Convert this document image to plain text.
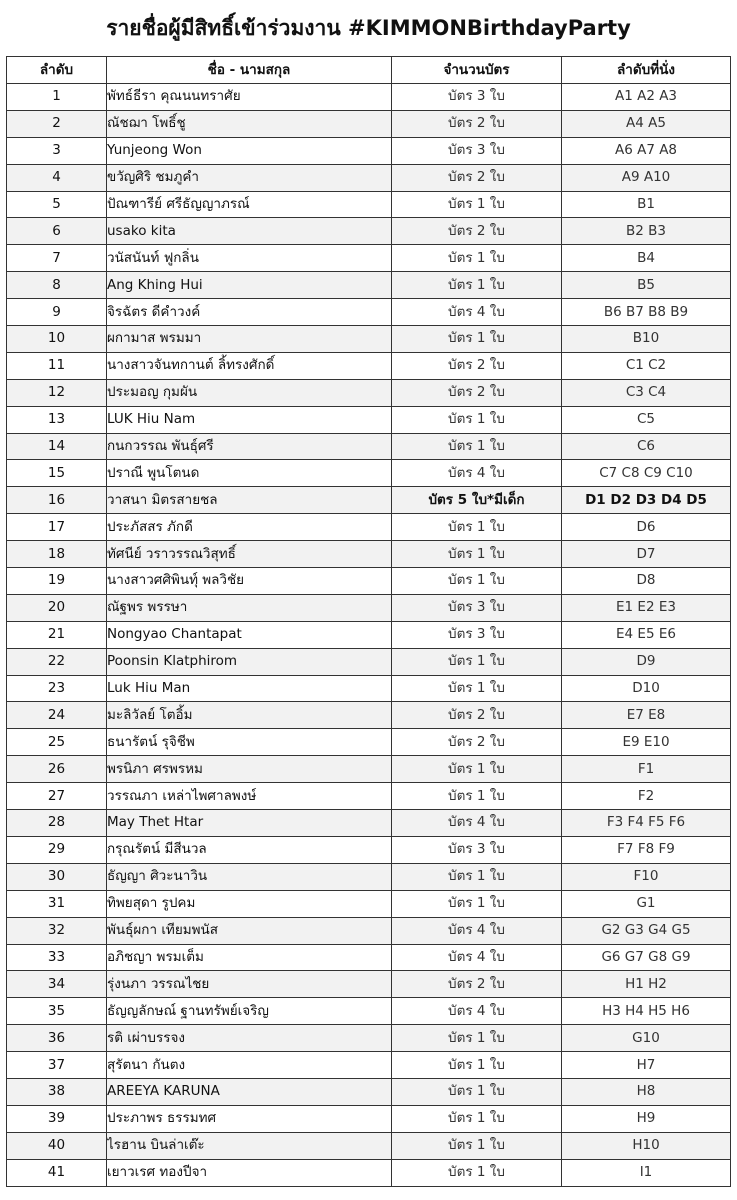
รายชื่อผู้มีสิทธิ์เข้าร่วมงาน #KIMMONBirthdayParty
ลำดับ	ชื่อ - นามสกุล	จำนวนบัตร	ลำดับที่นั่ง
1	พัทธ์ธีรา คุณนนทราศัย	บัตร 3 ใบ	A1 A2 A3
2	ณัชฌา โพธิ์ชู	บัตร 2 ใบ	A4 A5
3	Yunjeong Won	บัตร 3 ใบ	A6 A7 A8
4	ขวัญศิริ ชมภูคำ	บัตร 2 ใบ	A9 A10
5	ปัณฑารีย์ ศรีธัญญาภรณ์	บัตร 1 ใบ	B1
6	usako kita	บัตร 2 ใบ	B2 B3
7	วนัสนันท์ ฟูกลิ่น	บัตร 1 ใบ	B4
8	Ang Khing Hui	บัตร 1 ใบ	B5
9	จิรฉัตร ดีคำวงค์	บัตร 4 ใบ	B6 B7 B8 B9
10	ผกามาส พรมมา	บัตร 1 ใบ	B10
11	นางสาวจันทกานต์ ลิ้ทรงศักดิ์	บัตร 2 ใบ	C1 C2
12	ประมอญ กุมผัน	บัตร 2 ใบ	C3 C4
13	LUK Hiu Nam	บัตร 1 ใบ	C5
14	กนกวรรณ พันธุ์ศรี	บัตร 1 ใบ	C6
15	ปราณี พูนโตนด	บัตร 4 ใบ	C7 C8 C9 C10
16	วาสนา มิตรสายชล	บัตร 5 ใบ*มีเด็ก	D1 D2 D3 D4 D5
17	ประภัสสร ภักดี	บัตร 1 ใบ	D6
18	ทัศนีย์ วราวรรณวิสุทธิ์	บัตร 1 ใบ	D7
19	นางสาวศศิพินทุ์ พลวิชัย	บัตร 1 ใบ	D8
20	ณัฐพร พรรษา	บัตร 3 ใบ	E1 E2 E3
21	Nongyao Chantapat	บัตร 3 ใบ	E4 E5 E6
22	Poonsin Klatphirom	บัตร 1 ใบ	D9
23	Luk Hiu Man	บัตร 1 ใบ	D10
24	มะลิวัลย์ โตอิ้ม	บัตร 2 ใบ	E7 E8
25	ธนารัตน์ รุจิชีพ	บัตร 2 ใบ	E9 E10
26	พรนิภา ศรพรหม	บัตร 1 ใบ	F1
27	วรรณภา เหล่าไพศาลพงษ์	บัตร 1 ใบ	F2
28	May Thet Htar	บัตร 4 ใบ	F3 F4 F5 F6
29	กรุณรัตน์ มีสีนวล	บัตร 3 ใบ	F7 F8 F9
30	ธัญญา ศิวะนาวิน	บัตร 1 ใบ	F10
31	ทิพยสุดา รูปคม	บัตร 1 ใบ	G1
32	พันธุ์ผกา เทียมพนัส	บัตร 4 ใบ	G2 G3 G4 G5
33	อภิชญา พรมเต็ม	บัตร 4 ใบ	G6 G7 G8 G9
34	รุ่งนภา วรรณไชย	บัตร 2 ใบ	H1 H2
35	ธัญญลักษณ์ ฐานทรัพย์เจริญ	บัตร 4 ใบ	H3 H4 H5 H6
36	รติ เผ่าบรรจง	บัตร 1 ใบ	G10
37	สุรัตนา กันตง	บัตร 1 ใบ	H7
38	AREEYA KARUNA	บัตร 1 ใบ	H8
39	ประภาพร ธรรมทศ	บัตร 1 ใบ	H9
40	ไรฮาน บินล่าเต๊ะ	บัตร 1 ใบ	H10
41	เยาวเรศ ทองปีจา	บัตร 1 ใบ	I1
